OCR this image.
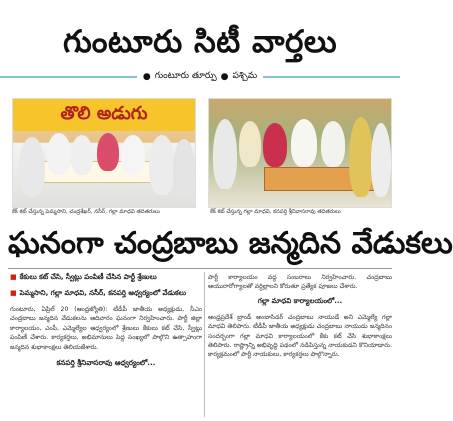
గుంటూరు సిటీ వార్తలు
● గుంటూరు తూర్పు ● పశ్చిమ
తొలి అడుగు
కేక్ కట్ చేస్తున్న పెమ్మసాని, చంద్రశేఖర్, నసీర్, గల్లా మాధవి తదితరులు	కేక్ కట్ చేస్తున్న గల్లా మాధవి, కనపర్తి శ్రీనివాసరావు తదితరులు
ఘనంగా చంద్రబాబు జన్మదిన వేడుకలు
■ కేకులు కట్ చేసి, స్వీట్లు పంపిణీ చేసిన పార్టీ శ్రేణులు
■ పెమ్మసాని, గల్లా మాధవి, నసీర్, కనపర్తి ఆధ్వర్యంలో వేడుకలు
గుంటూరు, ఏప్రిల్ 20 (ఆంధ్రజ్యోతి): టీడీపీ జాతీయ అధ్యక్షుడు, సీఎం చంద్రబాబు జన్మదిన వేడుకలను ఆదివారం ఘనంగా నిర్వహించారు. పార్టీ జిల్లా కార్యాలయం, ఎంపీ, ఎమ్మెల్యేల ఆధ్వర్యంలో శ్రేణులు కేకులు కట్ చేసి, స్వీట్లు పంపిణీ చేశారు. కార్యకర్తలు, అభిమానులు పెద్ద సంఖ్యలో పాల్గొని ఉత్సాహంగా జన్మదిన శుభాకాంక్షలు తెలియజేశారు.
కనపర్తి శ్రీనివాసరావు ఆధ్వర్యంలో...
పార్టీ కార్యాలయం వద్ద సంబరాలు నిర్వహించారు. చంద్రబాబు ఆయురారోగ్యాలతో వర్ధిల్లాలని కోరుతూ ప్రత్యేక పూజలు చేశారు.
గల్లా మాధవి కార్యాలయంలో...
ఆంధ్రప్రదేశ్ బ్రాండ్ అంబాసిడర్ చంద్రబాబు నాయుడే అని ఎమ్మెల్యే గల్లా మాధవి తెలిపారు. టీడీపీ జాతీయ అధ్యక్షుడు చంద్రబాబు నాయుడు జన్మదినం సందర్భంగా గల్లా మాధవి కార్యాలయంలో కేకు కట్ చేసి శుభాకాంక్షలు తెలిపారు. రాష్ట్రాన్ని అభివృద్ధి పథంలో నడిపిస్తున్న నాయకుడని కొనియాడారు. కార్యక్రమంలో పార్టీ నాయకులు, కార్యకర్తలు పాల్గొన్నారు.
